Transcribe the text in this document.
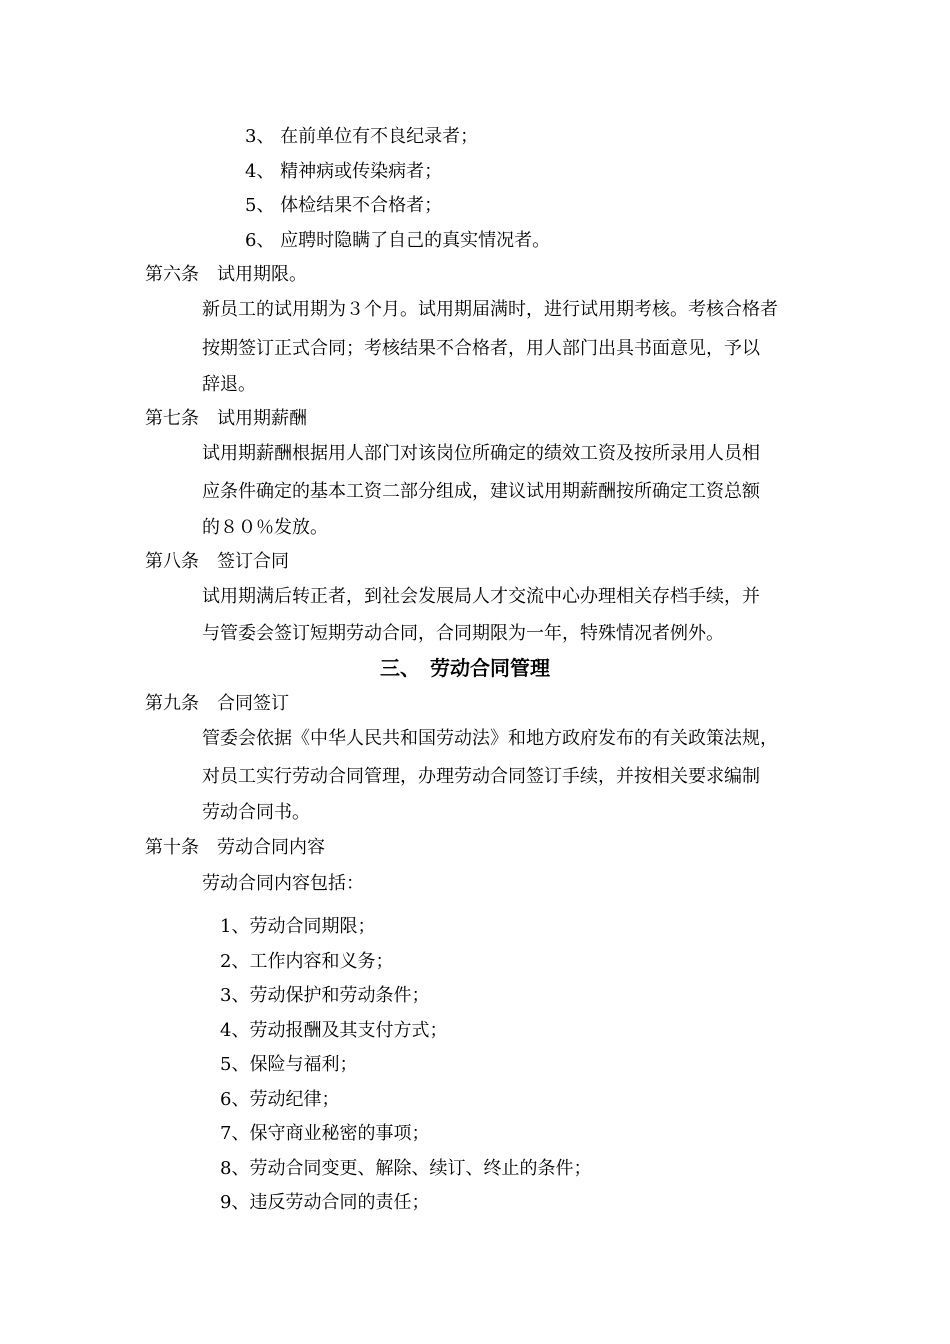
3、 在前单位有不良纪录者；
4、 精神病或传染病者；
5、 体检结果不合格者；
6、 应聘时隐瞒了自己的真实情况者。
第六条　试用期限。
新员工的试用期为３个月。试用期届满时，进行试用期考核。考核合格者
按期签订正式合同；考核结果不合格者，用人部门出具书面意见，予以
辞退。
第七条　试用期薪酬
试用期薪酬根据用人部门对该岗位所确定的绩效工资及按所录用人员相
应条件确定的基本工资二部分组成，建议试用期薪酬按所确定工资总额
的８０％发放。
第八条　签订合同
试用期满后转正者，到社会发展局人才交流中心办理相关存档手续，并
与管委会签订短期劳动合同，合同期限为一年，特殊情况者例外。
三、　劳动合同管理
第九条　合同签订
管委会依据《中华人民共和国劳动法》和地方政府发布的有关政策法规，
对员工实行劳动合同管理，办理劳动合同签订手续，并按相关要求编制
劳动合同书。
第十条　劳动合同内容
劳动合同内容包括：
1、劳动合同期限；
2、工作内容和义务；
3、劳动保护和劳动条件；
4、劳动报酬及其支付方式；
5、保险与福利；
6、劳动纪律；
7、保守商业秘密的事项；
8、劳动合同变更、解除、续订、终止的条件；
9、违反劳动合同的责任；
